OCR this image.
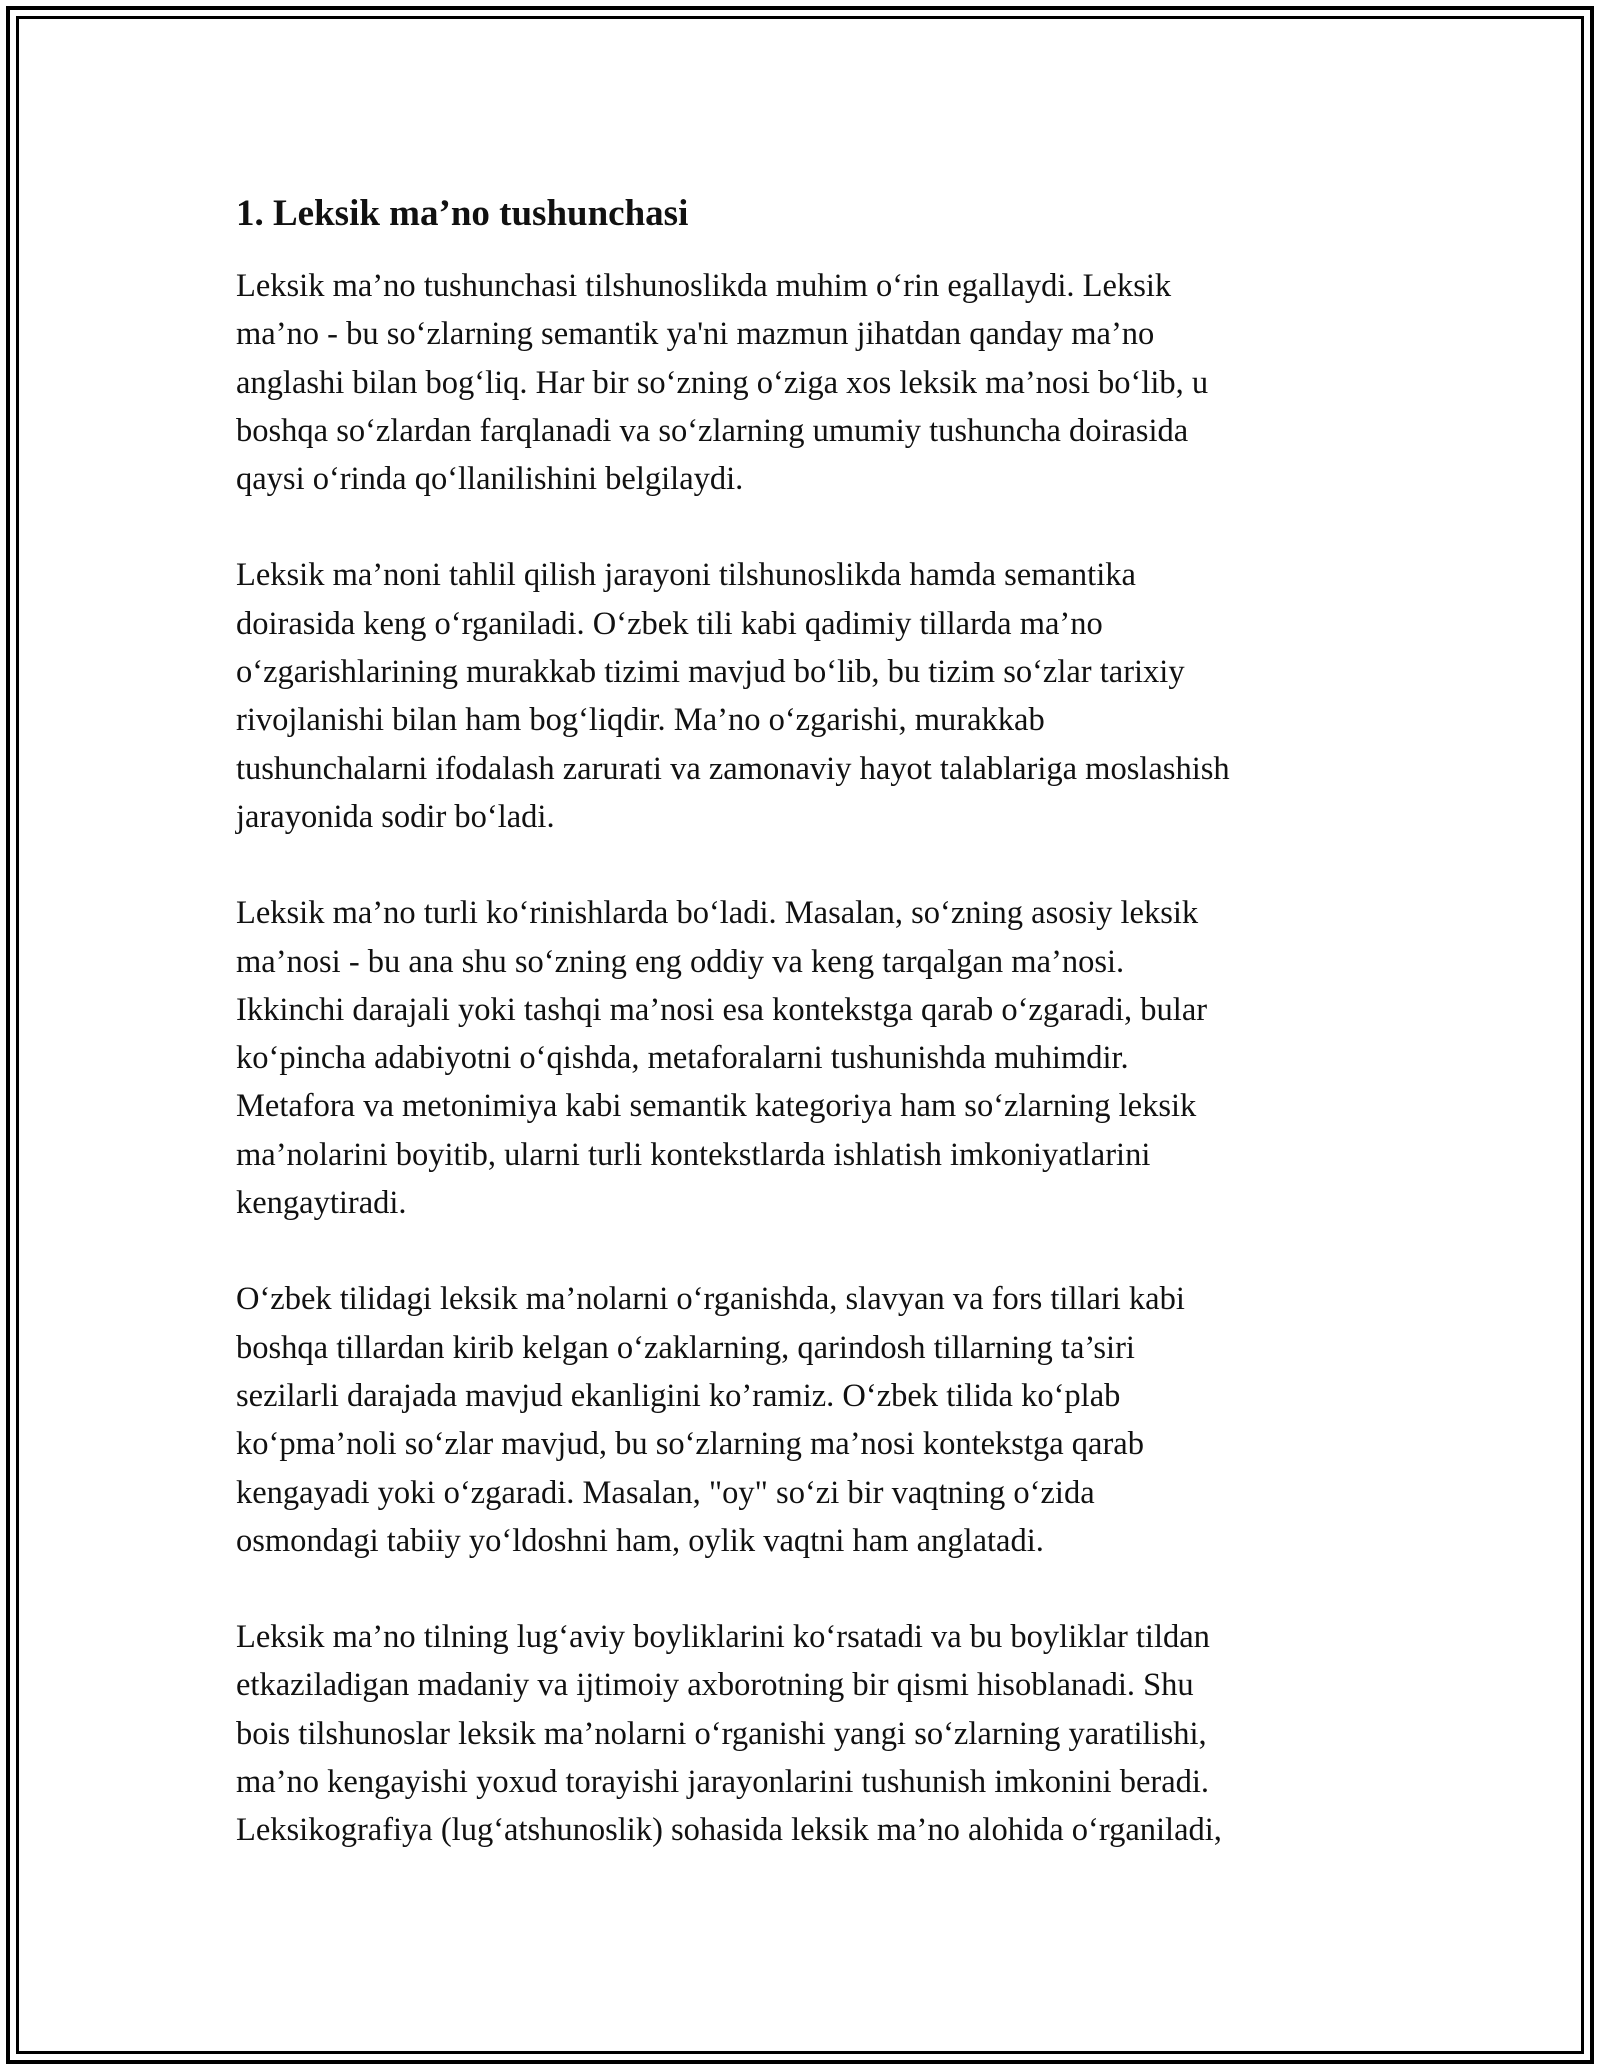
1. Leksik ma’no tushunchasi

Leksik ma’no tushunchasi tilshunoslikda muhim o‘rin egallaydi. Leksik
ma’no - bu so‘zlarning semantik ya'ni mazmun jihatdan qanday ma’no
anglashi bilan bog‘liq. Har bir so‘zning o‘ziga xos leksik ma’nosi bo‘lib, u
boshqa so‘zlardan farqlanadi va so‘zlarning umumiy tushuncha doirasida
qaysi o‘rinda qo‘llanilishini belgilaydi.

Leksik ma’noni tahlil qilish jarayoni tilshunoslikda hamda semantika
doirasida keng o‘rganiladi. O‘zbek tili kabi qadimiy tillarda ma’no
o‘zgarishlarining murakkab tizimi mavjud bo‘lib, bu tizim so‘zlar tarixiy
rivojlanishi bilan ham bog‘liqdir. Ma’no o‘zgarishi, murakkab
tushunchalarni ifodalash zarurati va zamonaviy hayot talablariga moslashish
jarayonida sodir bo‘ladi.

Leksik ma’no turli ko‘rinishlarda bo‘ladi. Masalan, so‘zning asosiy leksik
ma’nosi - bu ana shu so‘zning eng oddiy va keng tarqalgan ma’nosi.
Ikkinchi darajali yoki tashqi ma’nosi esa kontekstga qarab o‘zgaradi, bular
ko‘pincha adabiyotni o‘qishda, metaforalarni tushunishda muhimdir.
Metafora va metonimiya kabi semantik kategoriya ham so‘zlarning leksik
ma’nolarini boyitib, ularni turli kontekstlarda ishlatish imkoniyatlarini
kengaytiradi.

O‘zbek tilidagi leksik ma’nolarni o‘rganishda, slavyan va fors tillari kabi
boshqa tillardan kirib kelgan o‘zaklarning, qarindosh tillarning ta’siri
sezilarli darajada mavjud ekanligini ko’ramiz. O‘zbek tilida ko‘plab
ko‘pma’noli so‘zlar mavjud, bu so‘zlarning ma’nosi kontekstga qarab
kengayadi yoki o‘zgaradi. Masalan, "oy" so‘zi bir vaqtning o‘zida
osmondagi tabiiy yo‘ldoshni ham, oylik vaqtni ham anglatadi.

Leksik ma’no tilning lug‘aviy boyliklarini ko‘rsatadi va bu boyliklar tildan
etkaziladigan madaniy va ijtimoiy axborotning bir qismi hisoblanadi. Shu
bois tilshunoslar leksik ma’nolarni o‘rganishi yangi so‘zlarning yaratilishi,
ma’no kengayishi yoxud torayishi jarayonlarini tushunish imkonini beradi.
Leksikografiya (lug‘atshunoslik) sohasida leksik ma’no alohida o‘rganiladi,
